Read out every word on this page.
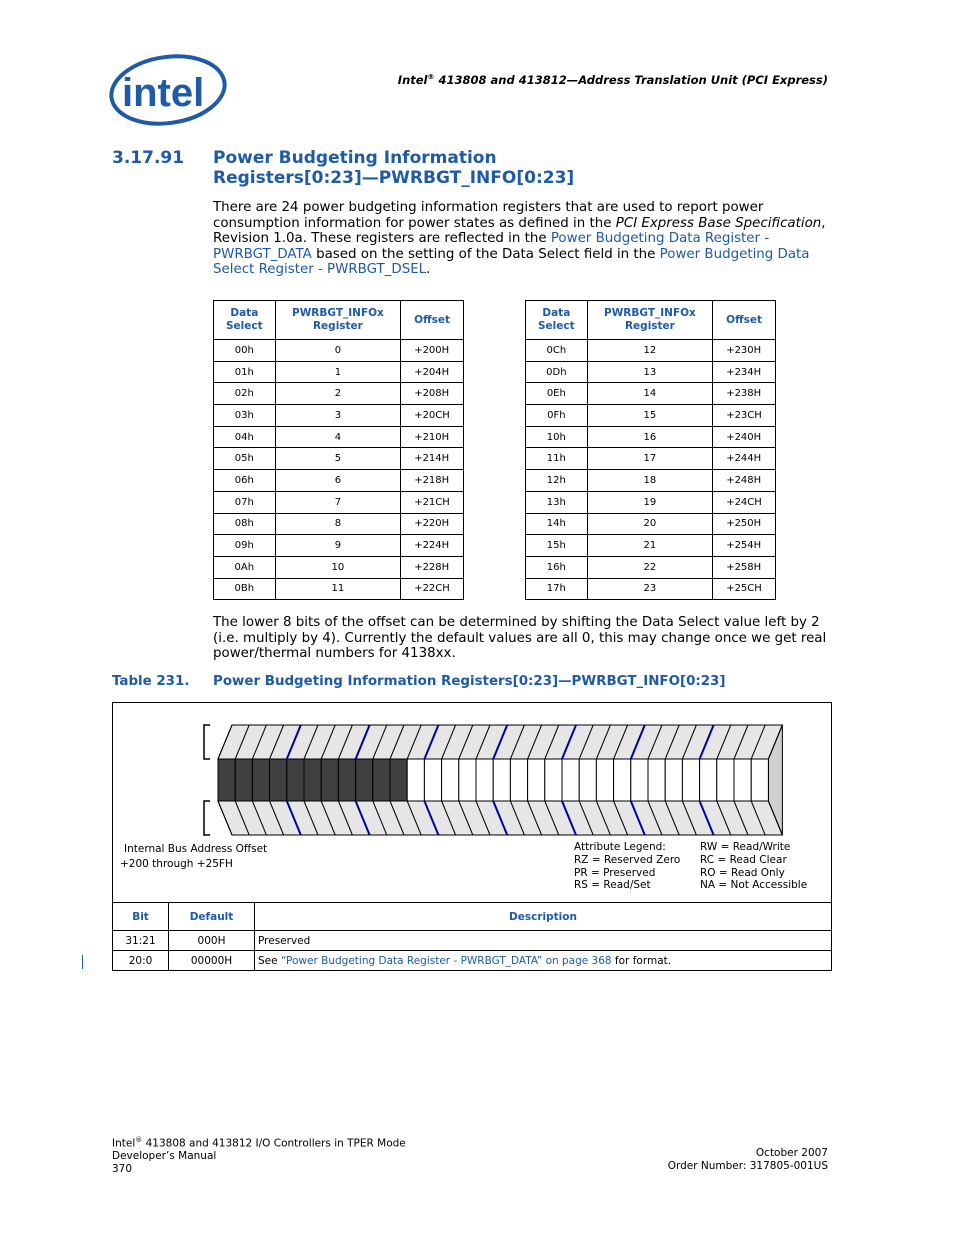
intel	Intel® 413808 and 413812—Address Translation Unit (PCI Express)
3.17.91 Power Budgeting Information
Registers[0:23]—PWRBGT_INFO[0:23]
There are 24 power budgeting information registers that are used to report power consumption information for power states as defined in the PCI Express Base Specification, Revision 1.0a. These registers are reflected in the Power Budgeting Data Register - PWRBGT_DATA based on the setting of the Data Select field in the Power Budgeting Data Select Register - PWRBGT_DSEL.
Data Select	PWRBGT_INFOx Register	Offset
00h	0	+200H
01h	1	+204H
02h	2	+208H
03h	3	+20CH
04h	4	+210H
05h	5	+214H
06h	6	+218H
07h	7	+21CH
08h	8	+220H
09h	9	+224H
0Ah	10	+228H
0Bh	11	+22CH
Data Select	PWRBGT_INFOx Register	Offset
0Ch	12	+230H
0Dh	13	+234H
0Eh	14	+238H
0Fh	15	+23CH
10h	16	+240H
11h	17	+244H
12h	18	+248H
13h	19	+24CH
14h	20	+250H
15h	21	+254H
16h	22	+258H
17h	23	+25CH
The lower 8 bits of the offset can be determined by shifting the Data Select value left by 2 (i.e. multiply by 4). Currently the default values are all 0, this may change once we get real power/thermal numbers for 4138xx.
Table 231. Power Budgeting Information Registers[0:23]—PWRBGT_INFO[0:23]
Internal Bus Address Offset
+200 through +25FH
Attribute Legend:
RZ = Reserved Zero
PR = Preserved
RS = Read/Set
RW = Read/Write
RC = Read Clear
RO = Read Only
NA = Not Accessible
Bit	Default	Description
31:21	000H	Preserved
20:0	00000H	See “Power Budgeting Data Register - PWRBGT_DATA” on page 368 for format.
Intel® 413808 and 413812 I/O Controllers in TPER Mode
Developer’s Manual
370
October 2007
Order Number: 317805-001US
